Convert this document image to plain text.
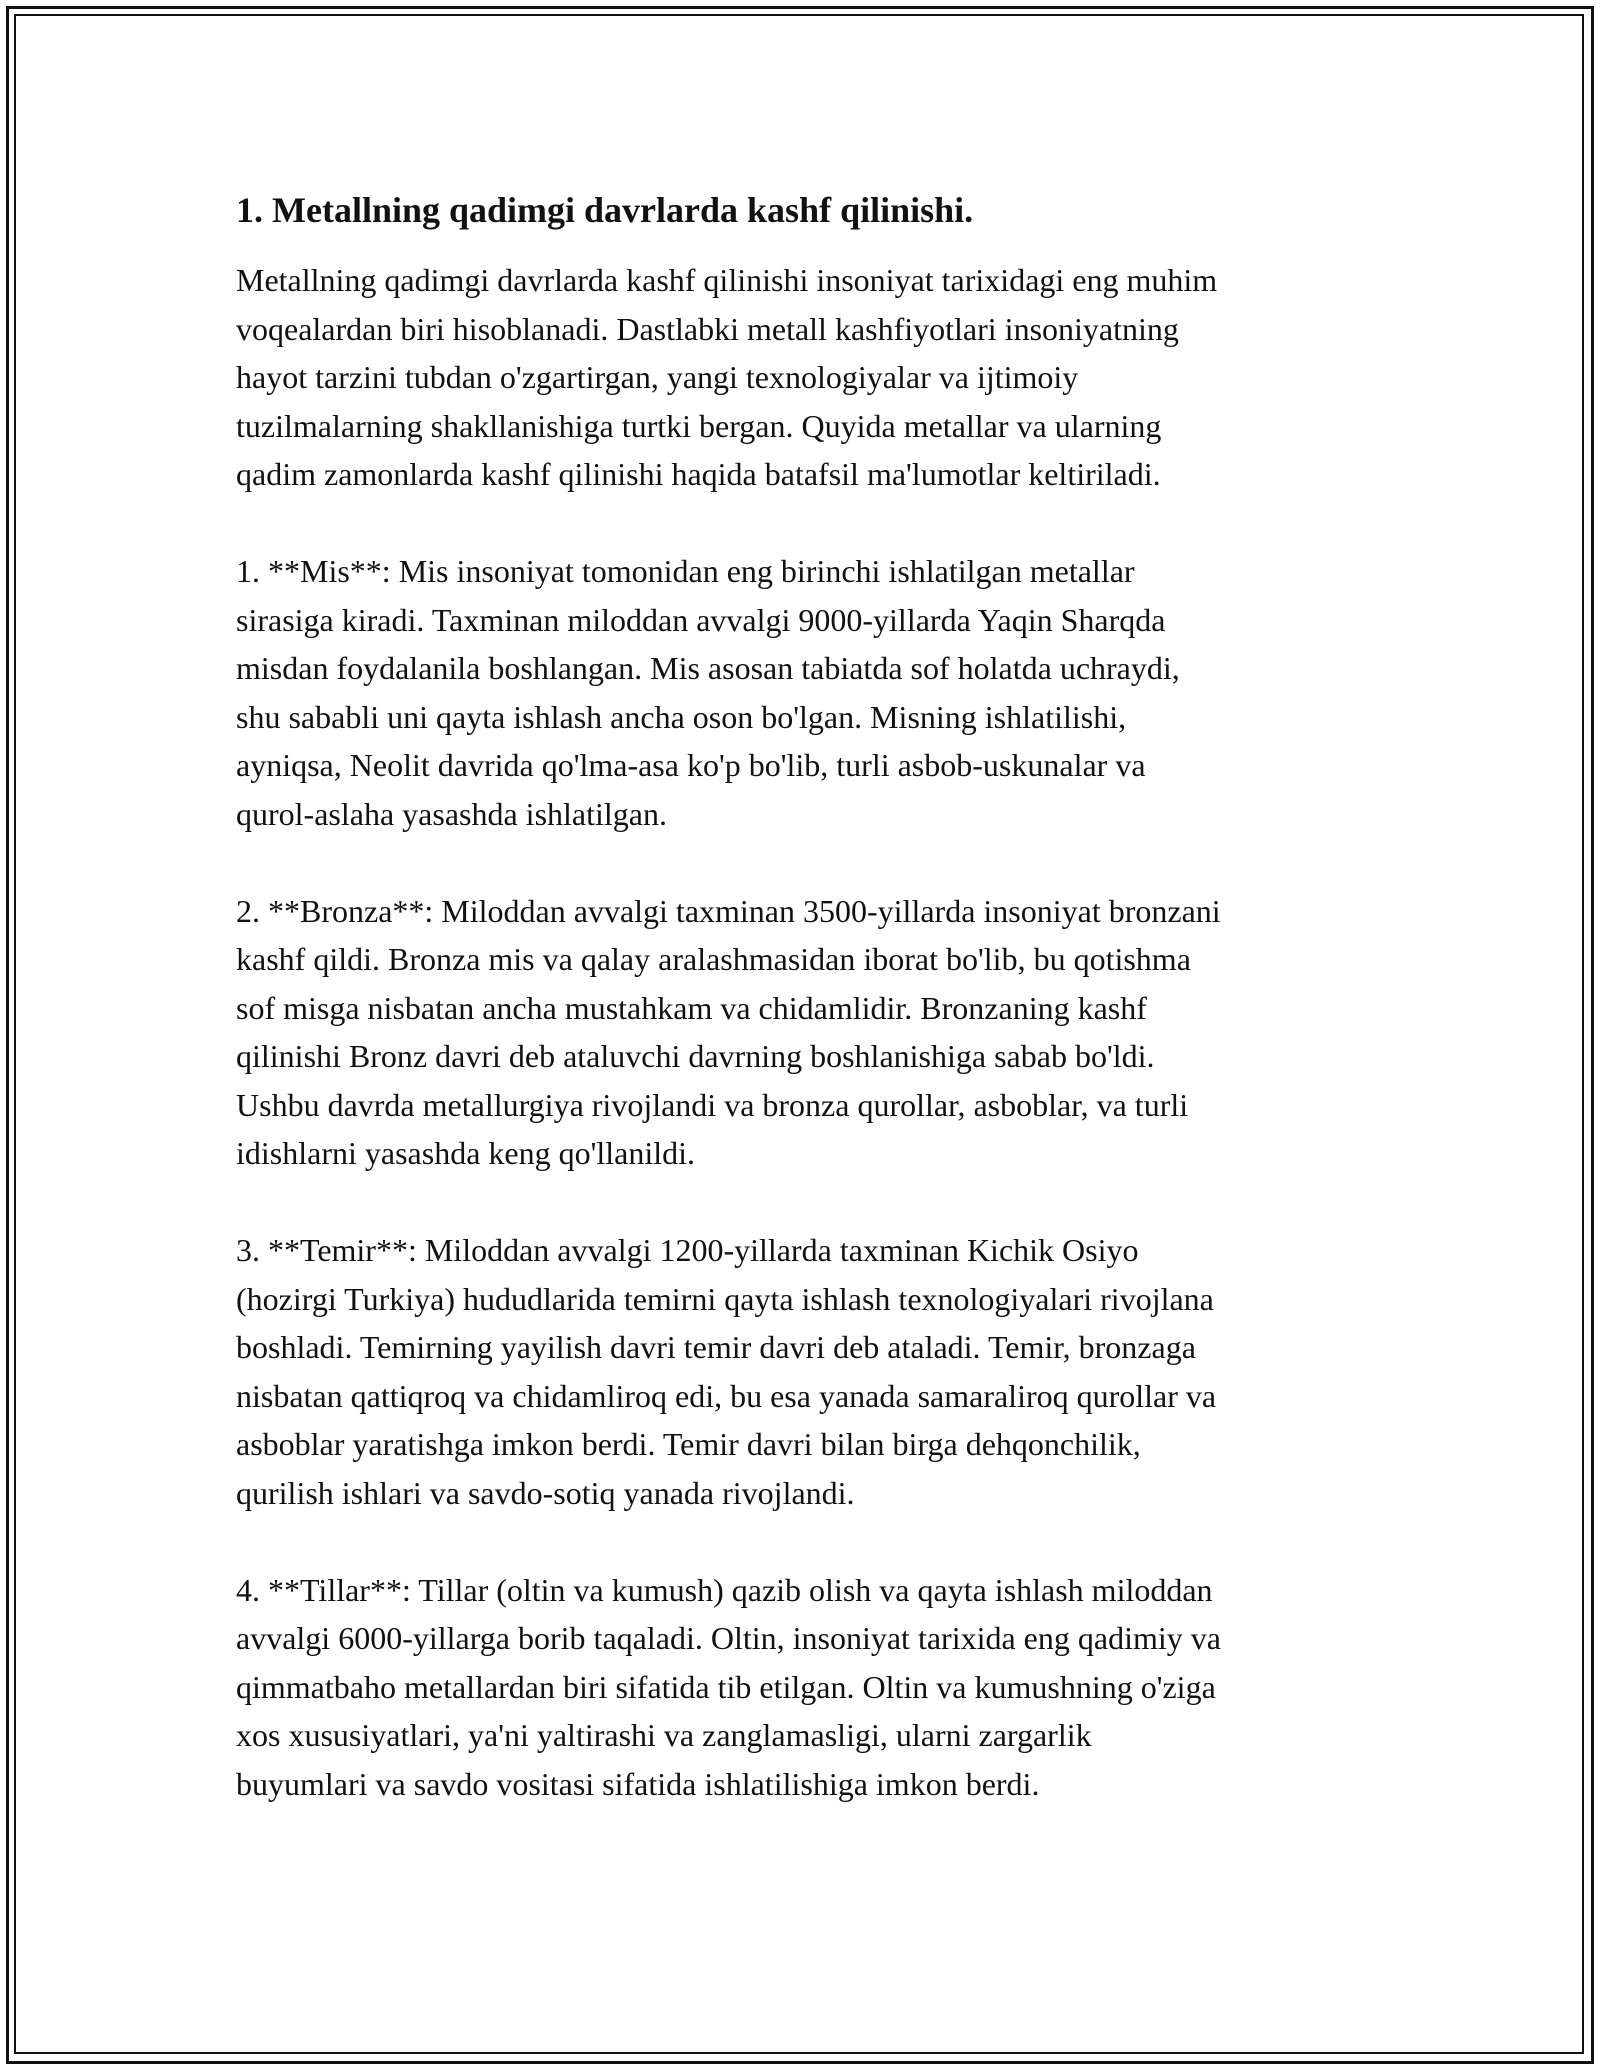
1. Metallning qadimgi davrlarda kashf qilinishi.

Metallning qadimgi davrlarda kashf qilinishi insoniyat tarixidagi eng muhim
voqealardan biri hisoblanadi. Dastlabki metall kashfiyotlari insoniyatning
hayot tarzini tubdan o'zgartirgan, yangi texnologiyalar va ijtimoiy
tuzilmalarning shakllanishiga turtki bergan. Quyida metallar va ularning
qadim zamonlarda kashf qilinishi haqida batafsil ma'lumotlar keltiriladi.

1. **Mis**: Mis insoniyat tomonidan eng birinchi ishlatilgan metallar
sirasiga kiradi. Taxminan miloddan avvalgi 9000-yillarda Yaqin Sharqda
misdan foydalanila boshlangan. Mis asosan tabiatda sof holatda uchraydi,
shu sababli uni qayta ishlash ancha oson bo'lgan. Misning ishlatilishi,
ayniqsa, Neolit davrida qo'lma-asa ko'p bo'lib, turli asbob-uskunalar va
qurol-aslaha yasashda ishlatilgan.

2. **Bronza**: Miloddan avvalgi taxminan 3500-yillarda insoniyat bronzani
kashf qildi. Bronza mis va qalay aralashmasidan iborat bo'lib, bu qotishma
sof misga nisbatan ancha mustahkam va chidamlidir. Bronzaning kashf
qilinishi Bronz davri deb ataluvchi davrning boshlanishiga sabab bo'ldi.
Ushbu davrda metallurgiya rivojlandi va bronza qurollar, asboblar, va turli
idishlarni yasashda keng qo'llanildi.

3. **Temir**: Miloddan avvalgi 1200-yillarda taxminan Kichik Osiyo
(hozirgi Turkiya) hududlarida temirni qayta ishlash texnologiyalari rivojlana
boshladi. Temirning yayilish davri temir davri deb ataladi. Temir, bronzaga
nisbatan qattiqroq va chidamliroq edi, bu esa yanada samaraliroq qurollar va
asboblar yaratishga imkon berdi. Temir davri bilan birga dehqonchilik,
qurilish ishlari va savdo-sotiq yanada rivojlandi.

4. **Tillar**: Tillar (oltin va kumush) qazib olish va qayta ishlash miloddan
avvalgi 6000-yillarga borib taqaladi. Oltin, insoniyat tarixida eng qadimiy va
qimmatbaho metallardan biri sifatida tib etilgan. Oltin va kumushning o'ziga
xos xususiyatlari, ya'ni yaltirashi va zanglamasligi, ularni zargarlik
buyumlari va savdo vositasi sifatida ishlatilishiga imkon berdi.
